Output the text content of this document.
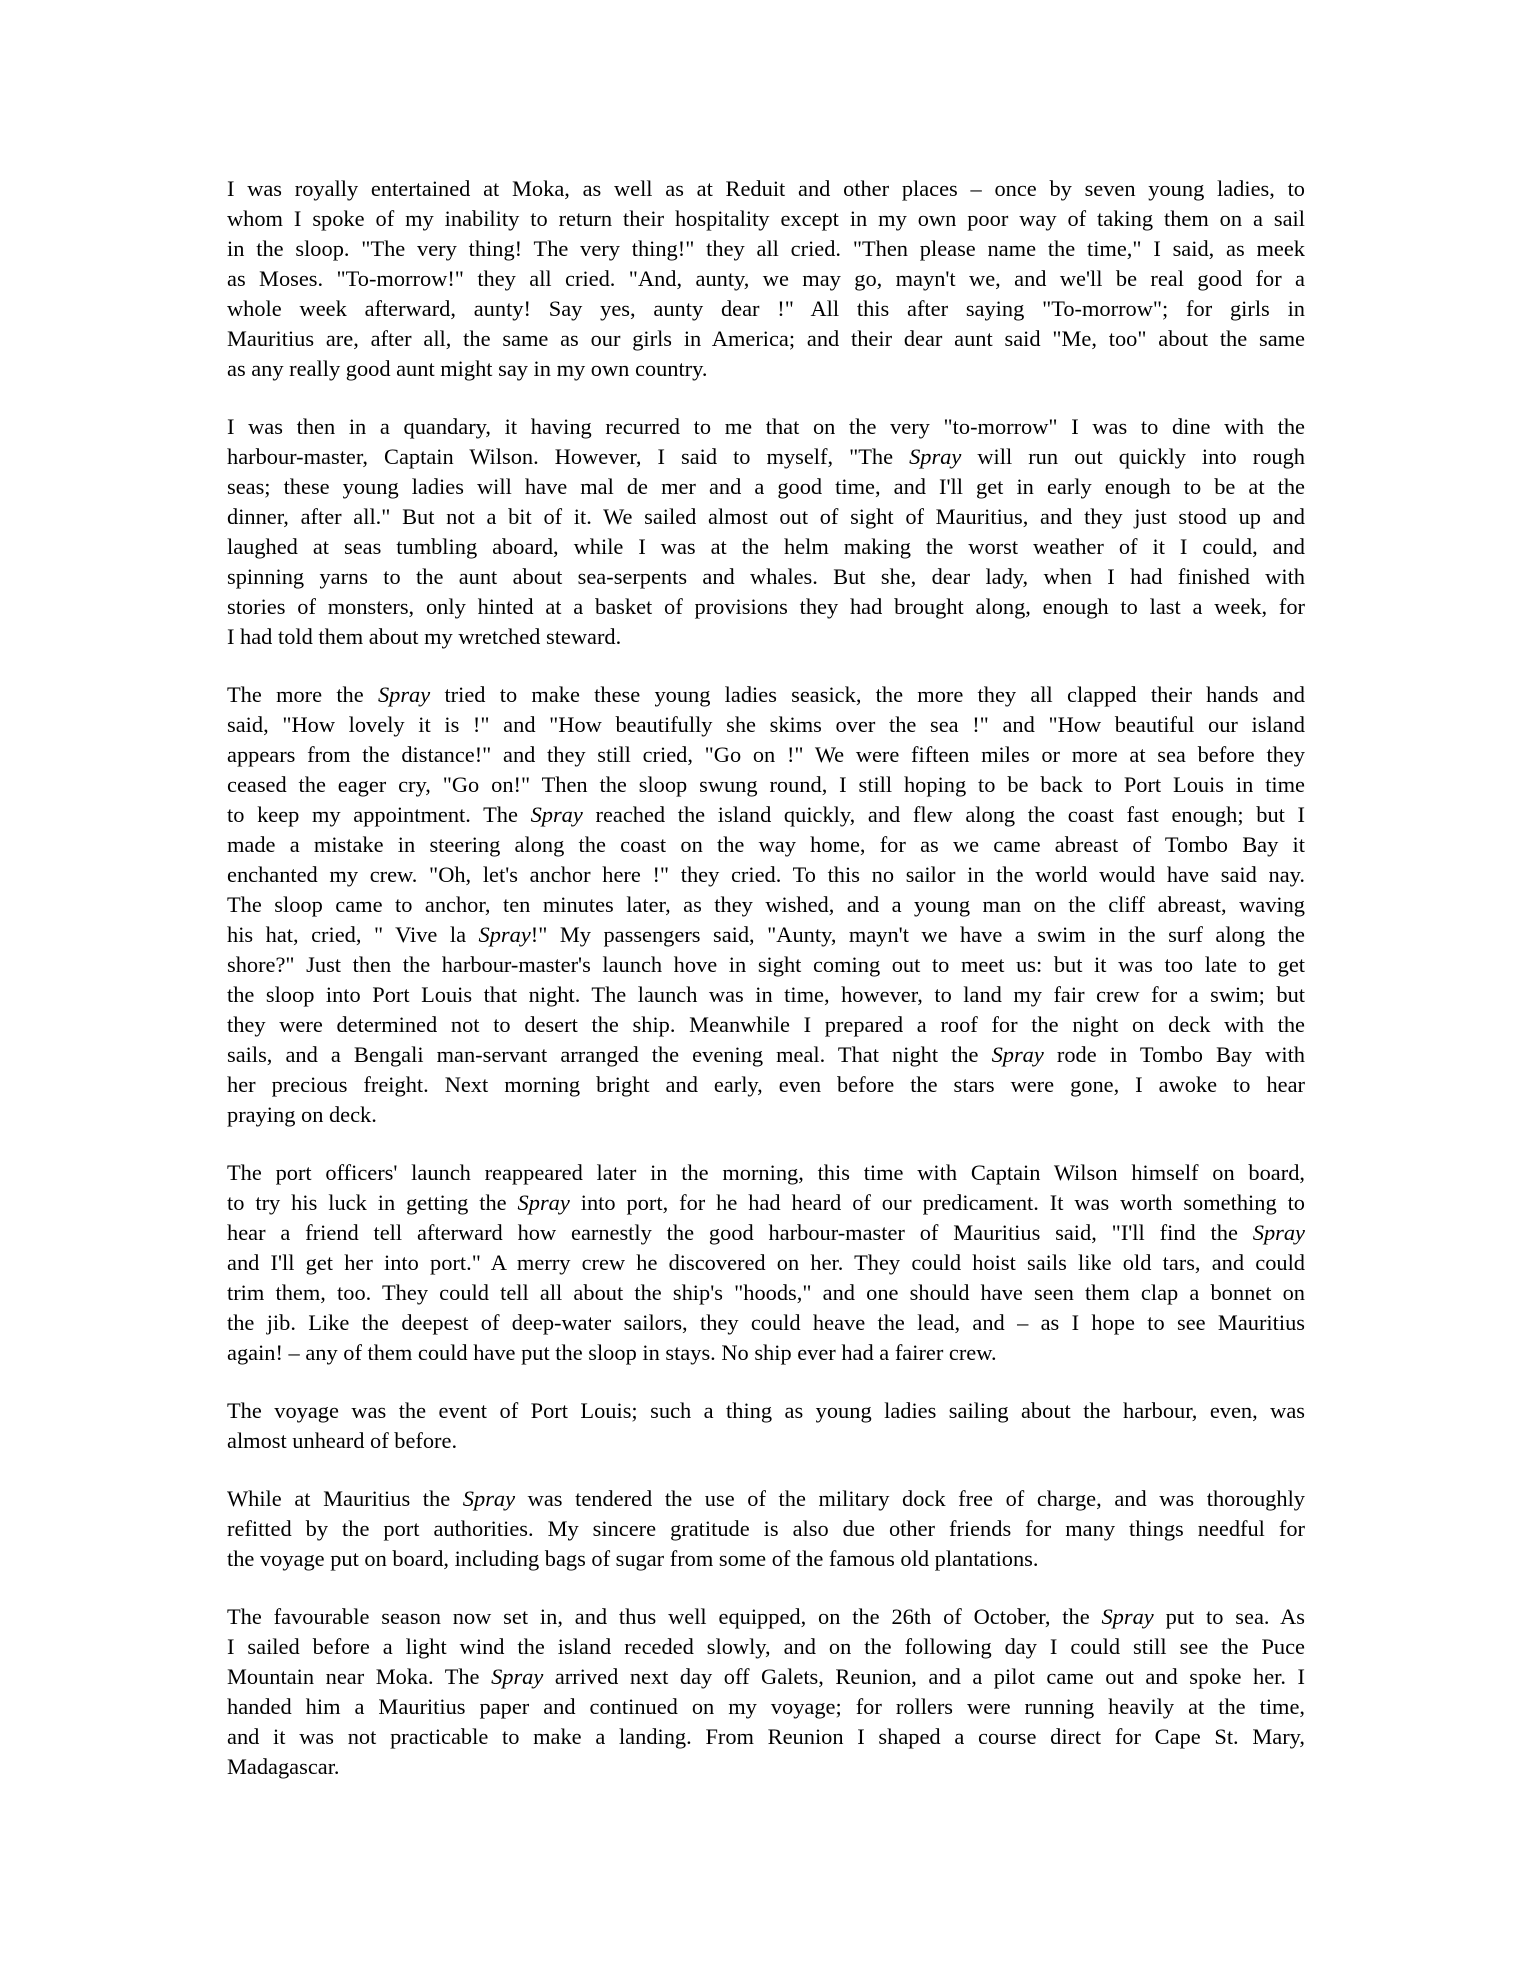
I was royally entertained at Moka, as well as at Reduit and other places – once by seven young ladies, to
whom I spoke of my inability to return their hospitality except in my own poor way of taking them on a sail
in the sloop. "The very thing! The very thing!" they all cried. "Then please name the time," I said, as meek
as Moses. "To-morrow!" they all cried. "And, aunty, we may go, mayn't we, and we'll be real good for a
whole week afterward, aunty! Say yes, aunty dear !" All this after saying "To-morrow"; for girls in
Mauritius are, after all, the same as our girls in America; and their dear aunt said "Me, too" about the same
as any really good aunt might say in my own country.
I was then in a quandary, it having recurred to me that on the very "to-morrow" I was to dine with the
harbour-master, Captain Wilson. However, I said to myself, "The Spray will run out quickly into rough
seas; these young ladies will have mal de mer and a good time, and I'll get in early enough to be at the
dinner, after all." But not a bit of it. We sailed almost out of sight of Mauritius, and they just stood up and
laughed at seas tumbling aboard, while I was at the helm making the worst weather of it I could, and
spinning yarns to the aunt about sea-serpents and whales. But she, dear lady, when I had finished with
stories of monsters, only hinted at a basket of provisions they had brought along, enough to last a week, for
I had told them about my wretched steward.
The more the Spray tried to make these young ladies seasick, the more they all clapped their hands and
said, "How lovely it is !" and "How beautifully she skims over the sea !" and "How beautiful our island
appears from the distance!" and they still cried, "Go on !" We were fifteen miles or more at sea before they
ceased the eager cry, "Go on!" Then the sloop swung round, I still hoping to be back to Port Louis in time
to keep my appointment. The Spray reached the island quickly, and flew along the coast fast enough; but I
made a mistake in steering along the coast on the way home, for as we came abreast of Tombo Bay it
enchanted my crew. "Oh, let's anchor here !" they cried. To this no sailor in the world would have said nay.
The sloop came to anchor, ten minutes later, as they wished, and a young man on the cliff abreast, waving
his hat, cried, " Vive la Spray!" My passengers said, "Aunty, mayn't we have a swim in the surf along the
shore?" Just then the harbour-master's launch hove in sight coming out to meet us: but it was too late to get
the sloop into Port Louis that night. The launch was in time, however, to land my fair crew for a swim; but
they were determined not to desert the ship. Meanwhile I prepared a roof for the night on deck with the
sails, and a Bengali man-servant arranged the evening meal. That night the Spray rode in Tombo Bay with
her precious freight. Next morning bright and early, even before the stars were gone, I awoke to hear
praying on deck.
The port officers' launch reappeared later in the morning, this time with Captain Wilson himself on board,
to try his luck in getting the Spray into port, for he had heard of our predicament. It was worth something to
hear a friend tell afterward how earnestly the good harbour-master of Mauritius said, "I'll find the Spray
and I'll get her into port." A merry crew he discovered on her. They could hoist sails like old tars, and could
trim them, too. They could tell all about the ship's "hoods," and one should have seen them clap a bonnet on
the jib. Like the deepest of deep-water sailors, they could heave the lead, and – as I hope to see Mauritius
again! – any of them could have put the sloop in stays. No ship ever had a fairer crew.
The voyage was the event of Port Louis; such a thing as young ladies sailing about the harbour, even, was
almost unheard of before.
While at Mauritius the Spray was tendered the use of the military dock free of charge, and was thoroughly
refitted by the port authorities. My sincere gratitude is also due other friends for many things needful for
the voyage put on board, including bags of sugar from some of the famous old plantations.
The favourable season now set in, and thus well equipped, on the 26th of October, the Spray put to sea. As
I sailed before a light wind the island receded slowly, and on the following day I could still see the Puce
Mountain near Moka. The Spray arrived next day off Galets, Reunion, and a pilot came out and spoke her. I
handed him a Mauritius paper and continued on my voyage; for rollers were running heavily at the time,
and it was not practicable to make a landing. From Reunion I shaped a course direct for Cape St. Mary,
Madagascar.
